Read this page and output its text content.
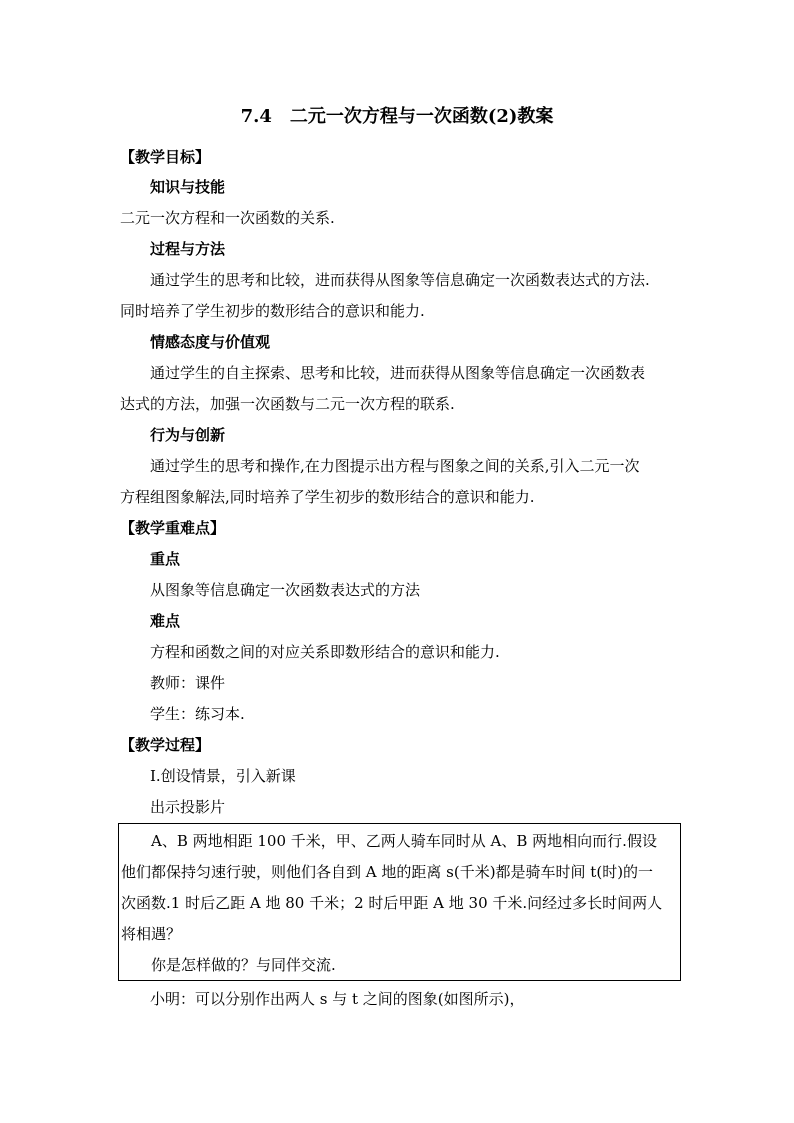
7.4　二元一次方程与一次函数(2)教案
【教学目标】
知识与技能
二元一次方程和一次函数的关系.
过程与方法
通过学生的思考和比较，进而获得从图象等信息确定一次函数表达式的方法.
同时培养了学生初步的数形结合的意识和能力.
情感态度与价值观
通过学生的自主探索、思考和比较，进而获得从图象等信息确定一次函数表
达式的方法，加强一次函数与二元一次方程的联系.
行为与创新
通过学生的思考和操作,在力图提示出方程与图象之间的关系,引入二元一次
方程组图象解法,同时培养了学生初步的数形结合的意识和能力.
【教学重难点】
重点
从图象等信息确定一次函数表达式的方法
难点
方程和函数之间的对应关系即数形结合的意识和能力.
教师：课件
学生：练习本.
【教学过程】
Ⅰ.创设情景，引入新课
出示投影片
A、B 两地相距 100 千米，甲、乙两人骑车同时从 A、B 两地相向而行.假设
他们都保持匀速行驶，则他们各自到 A 地的距离 s(千米)都是骑车时间 t(时)的一
次函数.1 时后乙距 A 地 80 千米；2 时后甲距 A 地 30 千米.问经过多长时间两人
将相遇？
你是怎样做的？与同伴交流.
小明：可以分别作出两人 s 与 t 之间的图象(如图所示)，
